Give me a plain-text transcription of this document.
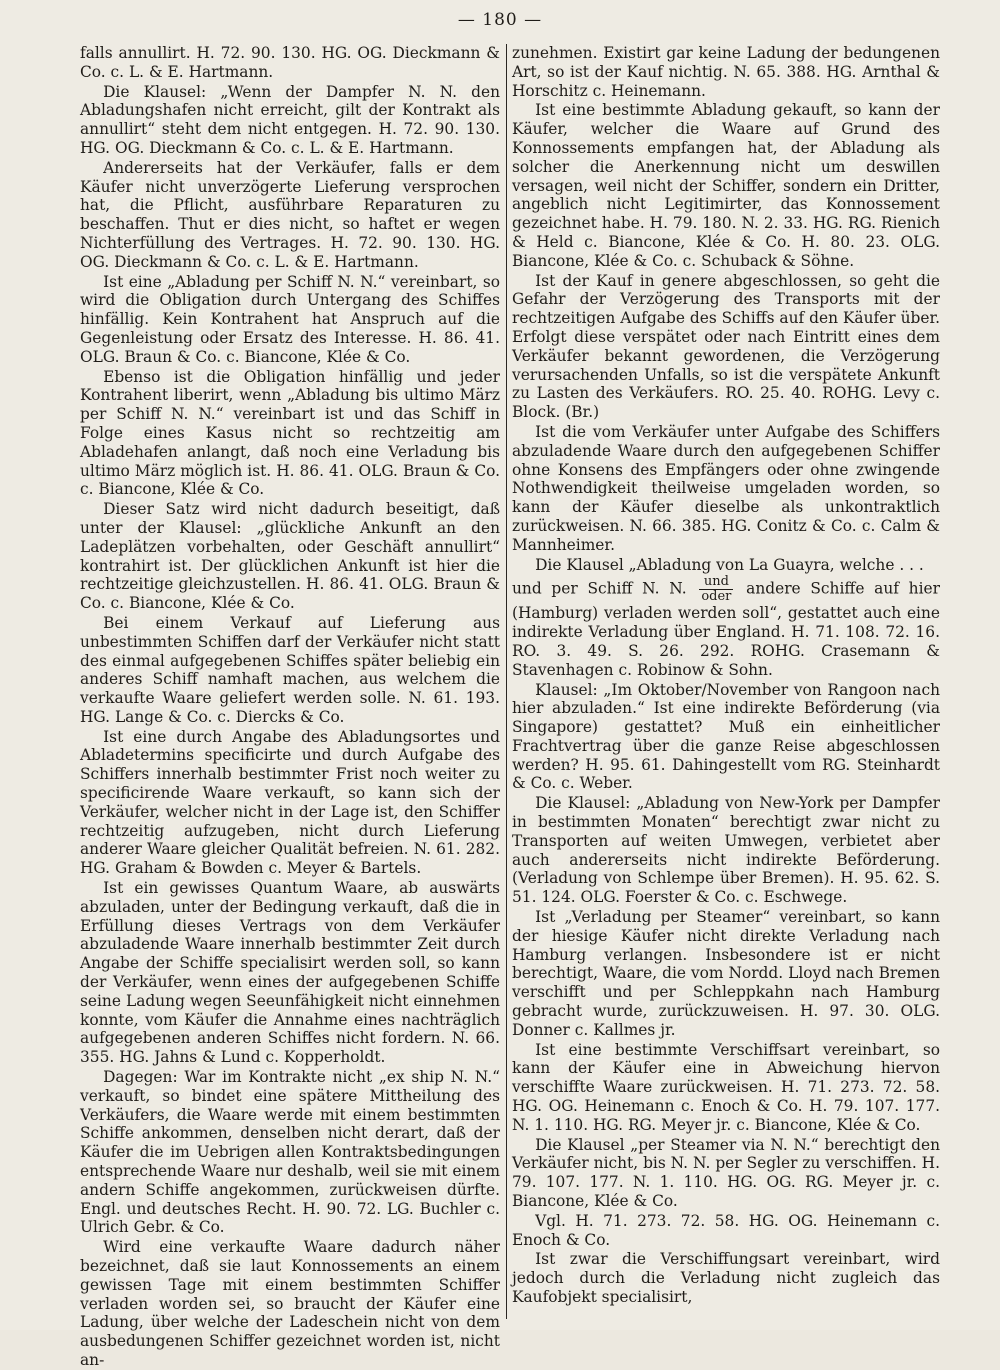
— 180 —

falls annullirt. H. 72. 90. 130. HG. OG. Dieckmann & Co. c. L. & E. Hartmann.

Die Klausel: „Wenn der Dampfer N. N. den Abladungshafen nicht erreicht, gilt der Kontrakt als annullirt“ steht dem nicht entgegen. H. 72. 90. 130. HG. OG. Dieckmann & Co. c. L. & E. Hartmann.

Andererseits hat der Verkäufer, falls er dem Käufer nicht unverzögerte Lieferung versprochen hat, die Pflicht, ausführbare Reparaturen zu beschaffen. Thut er dies nicht, so haftet er wegen Nichterfüllung des Vertrages. H. 72. 90. 130. HG. OG. Dieckmann & Co. c. L. & E. Hartmann.

Ist eine „Abladung per Schiff N. N.“ vereinbart, so wird die Obligation durch Untergang des Schiffes hinfällig. Kein Kontrahent hat Anspruch auf die Gegenleistung oder Ersatz des Interesse. H. 86. 41. OLG. Braun & Co. c. Biancone, Klée & Co.

Ebenso ist die Obligation hinfällig und jeder Kontrahent liberirt, wenn „Abladung bis ultimo März per Schiff N. N.“ vereinbart ist und das Schiff in Folge eines Kasus nicht so rechtzeitig am Abladehafen anlangt, daß noch eine Verladung bis ultimo März möglich ist. H. 86. 41. OLG. Braun & Co. c. Biancone, Klée & Co.

Dieser Satz wird nicht dadurch beseitigt, daß unter der Klausel: „glückliche Ankunft an den Ladeplätzen vorbehalten, oder Geschäft annullirt“ kontrahirt ist. Der glücklichen Ankunft ist hier die rechtzeitige gleichzustellen. H. 86. 41. OLG. Braun & Co. c. Biancone, Klée & Co.

Bei einem Verkauf auf Lieferung aus unbestimmten Schiffen darf der Verkäufer nicht statt des einmal aufgegebenen Schiffes später beliebig ein anderes Schiff namhaft machen, aus welchem die verkaufte Waare geliefert werden solle. N. 61. 193. HG. Lange & Co. c. Diercks & Co.

Ist eine durch Angabe des Abladungsortes und Abladetermins specificirte und durch Aufgabe des Schiffers innerhalb bestimmter Frist noch weiter zu specificirende Waare verkauft, so kann sich der Verkäufer, welcher nicht in der Lage ist, den Schiffer rechtzeitig aufzugeben, nicht durch Lieferung anderer Waare gleicher Qualität befreien. N. 61. 282. HG. Graham & Bowden c. Meyer & Bartels.

Ist ein gewisses Quantum Waare, ab auswärts abzuladen, unter der Bedingung verkauft, daß die in Erfüllung dieses Vertrags von dem Verkäufer abzuladende Waare innerhalb bestimmter Zeit durch Angabe der Schiffe specialisirt werden soll, so kann der Verkäufer, wenn eines der aufgegebenen Schiffe seine Ladung wegen Seeunfähigkeit nicht einnehmen konnte, vom Käufer die Annahme eines nachträglich aufgegebenen anderen Schiffes nicht fordern. N. 66. 355. HG. Jahns & Lund c. Kopperholdt.

Dagegen: War im Kontrakte nicht „ex ship N. N.“ verkauft, so bindet eine spätere Mittheilung des Verkäufers, die Waare werde mit einem bestimmten Schiffe ankommen, denselben nicht derart, daß der Käufer die im Uebrigen allen Kontraktsbedingungen entsprechende Waare nur deshalb, weil sie mit einem andern Schiffe angekommen, zurückweisen dürfte. Engl. und deutsches Recht. H. 90. 72. LG. Buchler c. Ulrich Gebr. & Co.

Wird eine verkaufte Waare dadurch näher bezeichnet, daß sie laut Konnossements an einem gewissen Tage mit einem bestimmten Schiffer verladen worden sei, so braucht der Käufer eine Ladung, über welche der Ladeschein nicht von dem ausbedungenen Schiffer gezeichnet worden ist, nicht an-

zunehmen. Existirt gar keine Ladung der bedungenen Art, so ist der Kauf nichtig. N. 65. 388. HG. Arnthal & Horschitz c. Heinemann.

Ist eine bestimmte Abladung gekauft, so kann der Käufer, welcher die Waare auf Grund des Konnossements empfangen hat, der Abladung als solcher die Anerkennung nicht um deswillen versagen, weil nicht der Schiffer, sondern ein Dritter, angeblich nicht Legitimirter, das Konnossement gezeichnet habe. H. 79. 180. N. 2. 33. HG. RG. Rienich & Held c. Biancone, Klée & Co. H. 80. 23. OLG. Biancone, Klée & Co. c. Schuback & Söhne.

Ist der Kauf in genere abgeschlossen, so geht die Gefahr der Verzögerung des Transports mit der rechtzeitigen Aufgabe des Schiffs auf den Käufer über. Erfolgt diese verspätet oder nach Eintritt eines dem Verkäufer bekannt gewordenen, die Verzögerung verursachenden Unfalls, so ist die verspätete Ankunft zu Lasten des Verkäufers. RO. 25. 40. ROHG. Levy c. Block. (Br.)

Ist die vom Verkäufer unter Aufgabe des Schiffers abzuladende Waare durch den aufgegebenen Schiffer ohne Konsens des Empfängers oder ohne zwingende Nothwendigkeit theilweise umgeladen worden, so kann der Käufer dieselbe als unkontraktlich zurückweisen. N. 66. 385. HG. Conitz & Co. c. Calm & Mannheimer.

Die Klausel „Abladung von La Guayra, welche . . .

und per Schiff N. N. $\frac{\text{und}}{\text{oder}}$ andere Schiffe auf hier (Hamburg) verladen werden soll“, gestattet auch eine indirekte Verladung über England. H. 71. 108. 72. 16. RO. 3. 49. S. 26. 292. ROHG. Crasemann & Stavenhagen c. Robinow & Sohn.

Klausel: „Im Oktober/November von Rangoon nach hier abzuladen.“ Ist eine indirekte Beförderung (via Singapore) gestattet? Muß ein einheitlicher Frachtvertrag über die ganze Reise abgeschlossen werden? H. 95. 61. Dahingestellt vom RG. Steinhardt & Co. c. Weber.

Die Klausel: „Abladung von New-York per Dampfer in bestimmten Monaten“ berechtigt zwar nicht zu Transporten auf weiten Umwegen, verbietet aber auch andererseits nicht indirekte Beförderung. (Verladung von Schlempe über Bremen). H. 95. 62. S. 51. 124. OLG. Foerster & Co. c. Eschwege.

Ist „Verladung per Steamer“ vereinbart, so kann der hiesige Käufer nicht direkte Verladung nach Hamburg verlangen. Insbesondere ist er nicht berechtigt, Waare, die vom Nordd. Lloyd nach Bremen verschifft und per Schleppkahn nach Hamburg gebracht wurde, zurückzuweisen. H. 97. 30. OLG. Donner c. Kallmes jr.

Ist eine bestimmte Verschiffsart vereinbart, so kann der Käufer eine in Abweichung hiervon verschiffte Waare zurückweisen. H. 71. 273. 72. 58. HG. OG. Heinemann c. Enoch & Co. H. 79. 107. 177. N. 1. 110. HG. RG. Meyer jr. c. Biancone, Klée & Co.

Die Klausel „per Steamer via N. N.“ berechtigt den Verkäufer nicht, bis N. N. per Segler zu verschiffen. H. 79. 107. 177. N. 1. 110. HG. OG. RG. Meyer jr. c. Biancone, Klée & Co.

Vgl. H. 71. 273. 72. 58. HG. OG. Heinemann c. Enoch & Co.

Ist zwar die Verschiffungsart vereinbart, wird jedoch durch die Verladung nicht zugleich das Kaufobjekt specialisirt,
